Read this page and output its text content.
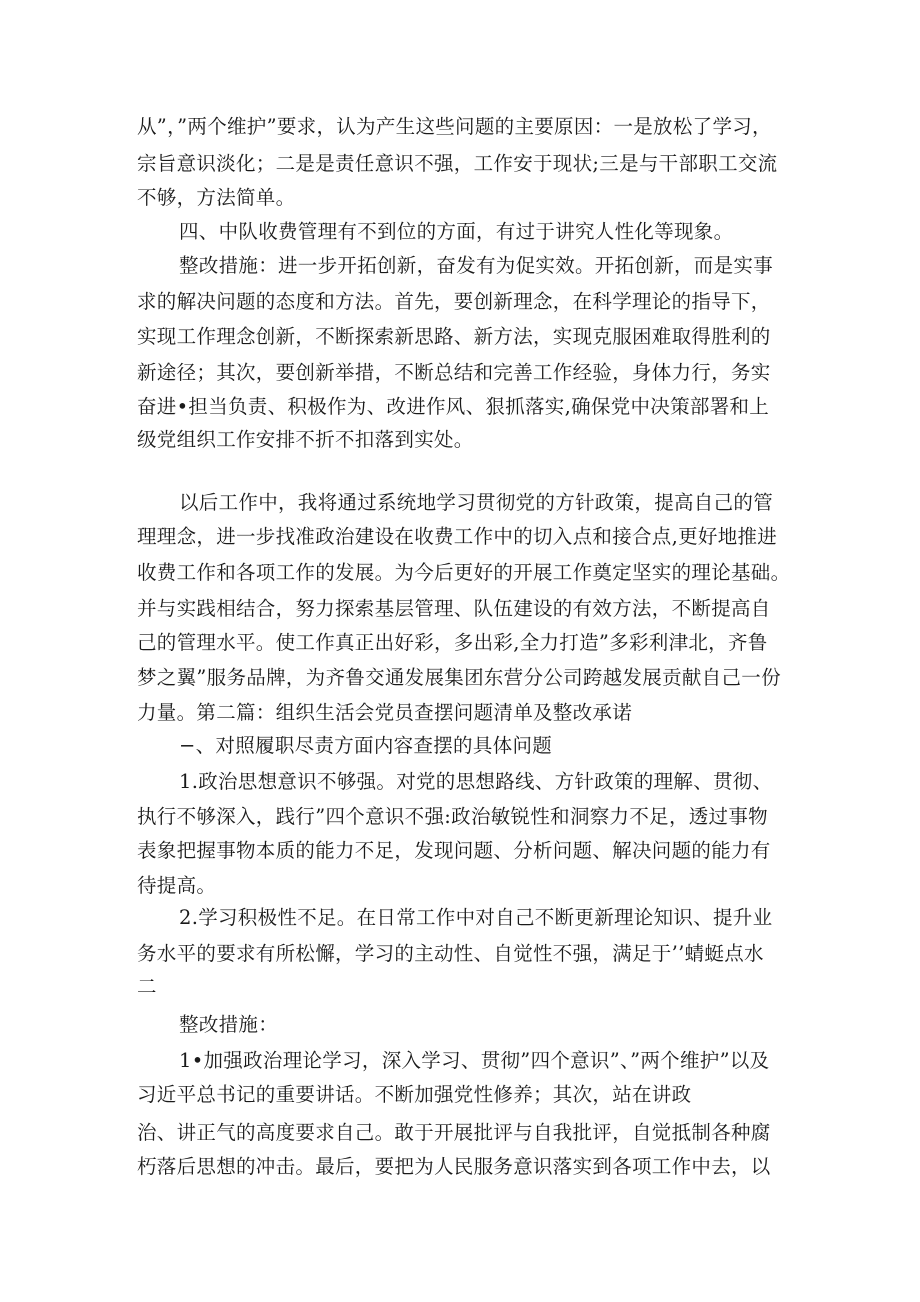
从”，”两个维护”要求，认为产生这些问题的主要原因：一是放松了学习，
宗旨意识淡化；二是是责任意识不强，工作安于现状;三是与干部职工交流
不够，方法简单。
四、中队收费管理有不到位的方面，有过于讲究人性化等现象。
整改措施：进一步开拓创新，奋发有为促实效。开拓创新，而是实事
求的解决问题的态度和方法。首先，要创新理念，在科学理论的指导下，
实现工作理念创新，不断探索新思路、新方法，实现克服困难取得胜利的
新途径；其次，要创新举措，不断总结和完善工作经验，身体力行，务实
奋进•担当负责、积极作为、改进作风、狠抓落实,确保党中决策部署和上
级党组织工作安排不折不扣落到实处。
以后工作中，我将通过系统地学习贯彻党的方针政策，提高自己的管
理理念，进一步找准政治建设在收费工作中的切入点和接合点,更好地推进
收费工作和各项工作的发展。为今后更好的开展工作奠定坚实的理论基础。
并与实践相结合，努力探索基层管理、队伍建设的有效方法，不断提高自
己的管理水平。使工作真正出好彩，多出彩,全力打造”多彩利津北，齐鲁
梦之翼”服务品牌，为齐鲁交通发展集团东营分公司跨越发展贡献自己一份
力量。第二篇：组织生活会党员查摆问题清单及整改承诺
−、对照履职尽责方面内容查摆的具体问题
1.政治思想意识不够强。对党的思想路线、方针政策的理解、贯彻、
执行不够深入，践行”四个意识不强:政治敏锐性和洞察力不足，透过事物
表象把握事物本质的能力不足，发现问题、分析问题、解决问题的能力有
待提高。
2.学习积极性不足。在日常工作中对自己不断更新理论知识、提升业
务水平的要求有所松懈，学习的主动性、自觉性不强，满足于’’蜻蜓点水
二
整改措施：
1•加强政治理论学习，深入学习、贯彻”四个意识”、”两个维护”以及
习近平总书记的重要讲话。不断加强党性修养；其次，站在讲政
治、讲正气的高度要求自己。敢于开展批评与自我批评，自觉抵制各种腐
朽落后思想的冲击。最后，要把为人民服务意识落实到各项工作中去，以
